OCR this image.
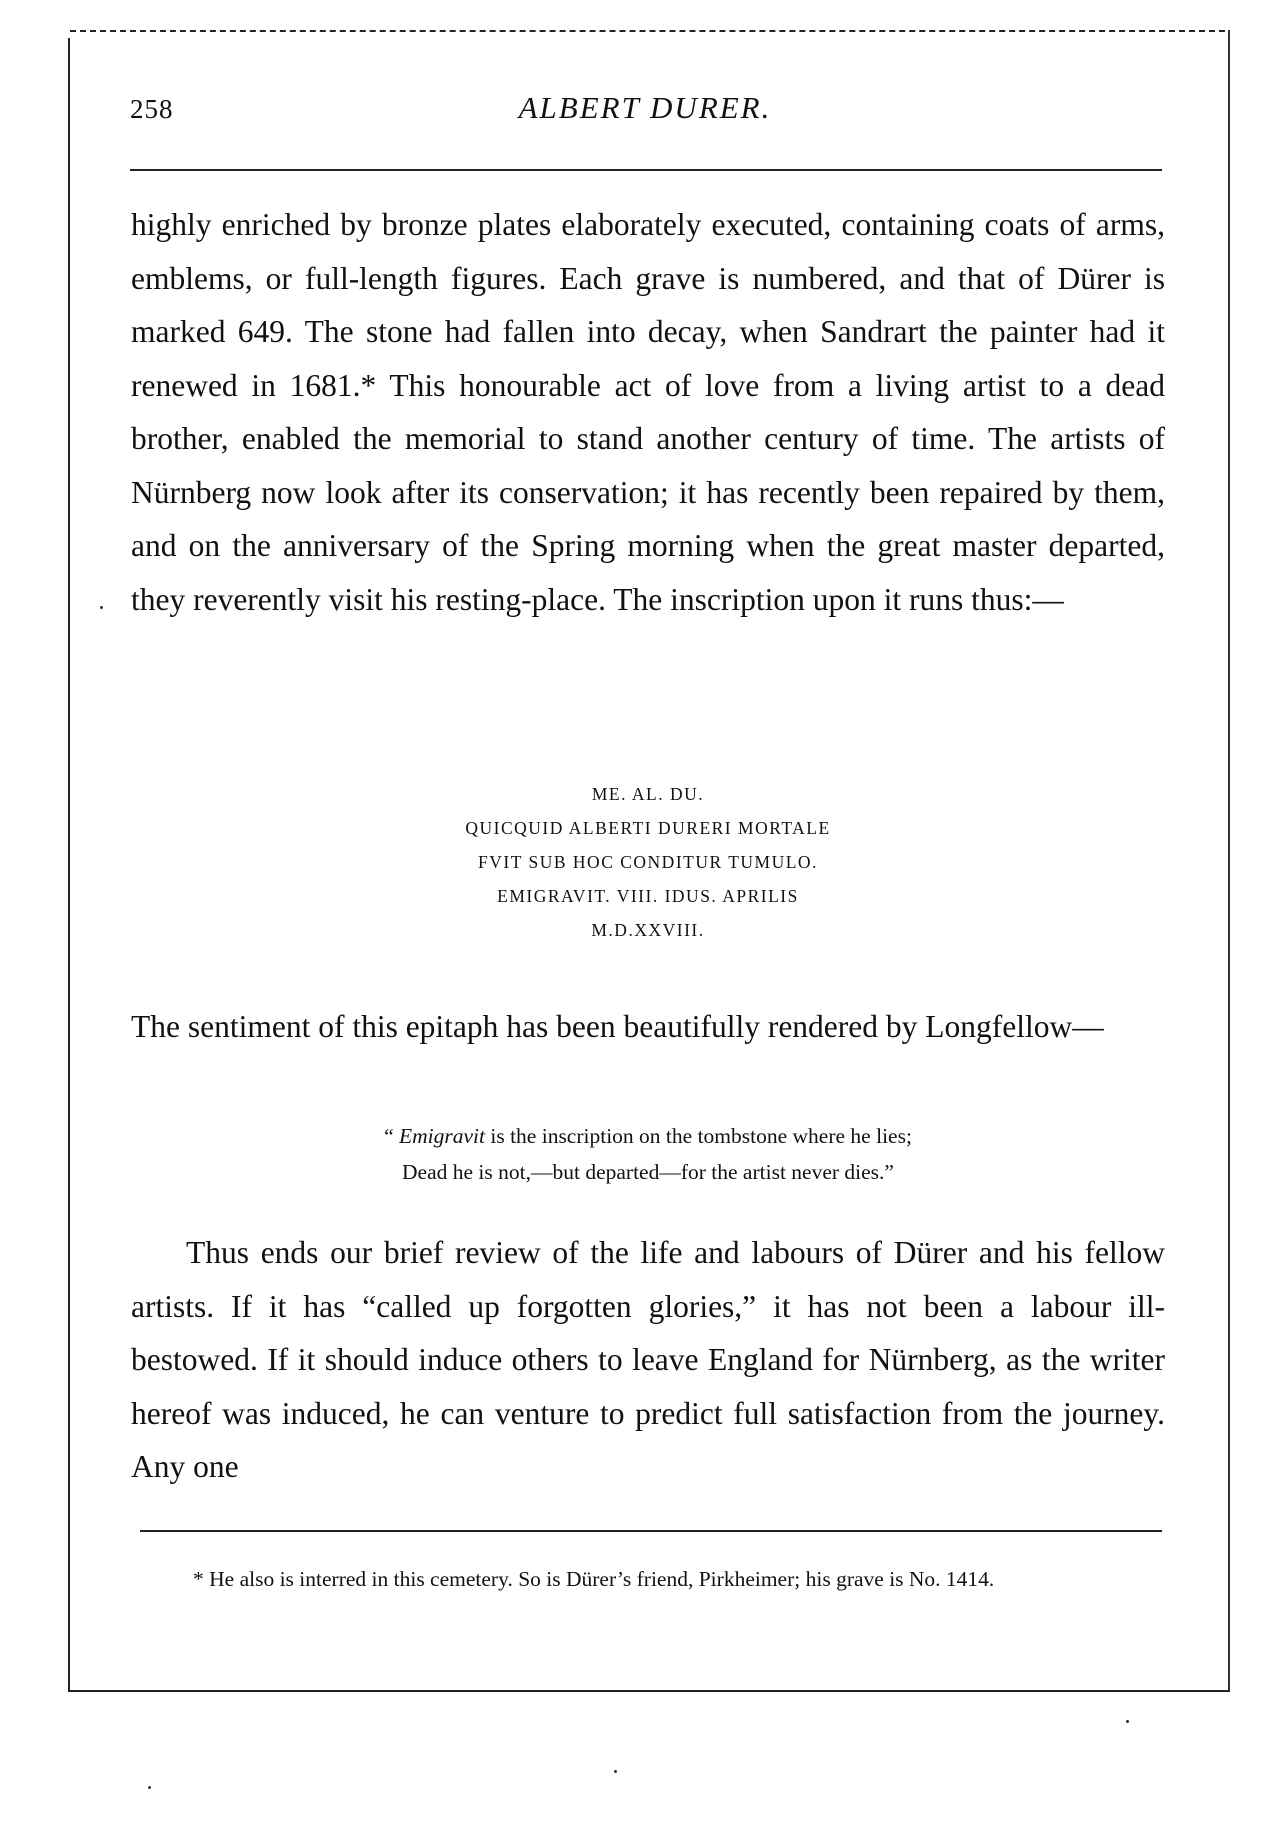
258	ALBERT DURER.

highly enriched by bronze plates elaborately executed, containing coats of arms, emblems, or full-length figures. Each grave is numbered, and that of Dürer is marked 649. The stone had fallen into decay, when Sandrart the painter had it renewed in 1681.* This honourable act of love from a living artist to a dead brother, enabled the memorial to stand another century of time. The artists of Nürnberg now look after its conservation; it has recently been repaired by them, and on the anniversary of the Spring morning when the great master departed, they reverently visit his resting-place. The inscription upon it runs thus:—

ME. AL. DU.
QUICQUID ALBERTI DURERI MORTALE
FVIT SUB HOC CONDITUR TUMULO.
EMIGRAVIT. VIII. IDUS. APRILIS
M.D.XXVIII.

The sentiment of this epitaph has been beautifully rendered by Longfellow—

“ Emigravit is the inscription on the tombstone where he lies;
Dead he is not,—but departed—for the artist never dies.”

Thus ends our brief review of the life and labours of Dürer and his fellow artists. If it has “called up forgotten glories,” it has not been a labour ill-bestowed. If it should induce others to leave England for Nürnberg, as the writer hereof was induced, he can venture to predict full satisfaction from the journey. Any one

* He also is interred in this cemetery. So is Dürer’s friend, Pirkheimer; his grave is No. 1414.
